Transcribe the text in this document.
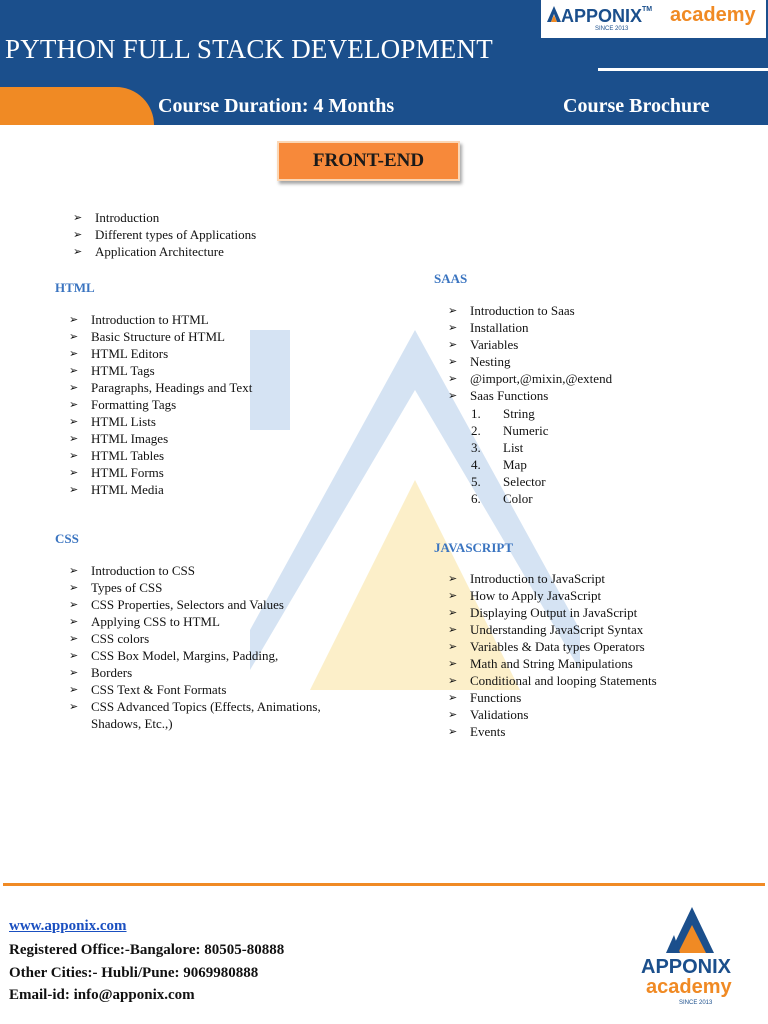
PYTHON FULL STACK DEVELOPMENT
Course Duration: 4 Months	Course Brochure
APPONIX™ academy
SINCE 2013
FRONT-END
➢ Introduction
➢ Different types of Applications
➢ Application Architecture
HTML
➢ Introduction to HTML
➢ Basic Structure of HTML
➢ HTML Editors
➢ HTML Tags
➢ Paragraphs, Headings and Text
➢ Formatting Tags
➢ HTML Lists
➢ HTML Images
➢ HTML Tables
➢ HTML Forms
➢ HTML Media
CSS
➢ Introduction to CSS
➢ Types of CSS
➢ CSS Properties, Selectors and Values
➢ Applying CSS to HTML
➢ CSS colors
➢ CSS Box Model, Margins, Padding,
➢ Borders
➢ CSS Text & Font Formats
➢ CSS Advanced Topics (Effects, Animations, Shadows, Etc.,)
SAAS
➢ Introduction to Saas
➢ Installation
➢ Variables
➢ Nesting
➢ @import,@mixin,@extend
➢ Saas Functions
1. String
2. Numeric
3. List
4. Map
5. Selector
6. Color
JAVASCRIPT
➢ Introduction to JavaScript
➢ How to Apply JavaScript
➢ Displaying Output in JavaScript
➢ Understanding JavaScript Syntax
➢ Variables & Data types Operators
➢ Math and String Manipulations
➢ Conditional and looping Statements
➢ Functions
➢ Validations
➢ Events
www.apponix.com
Registered Office:-Bangalore: 80505-80888
Other Cities:- Hubli/Pune: 9069980888
Email-id: info@apponix.com
APPONIX
academy
SINCE 2013
